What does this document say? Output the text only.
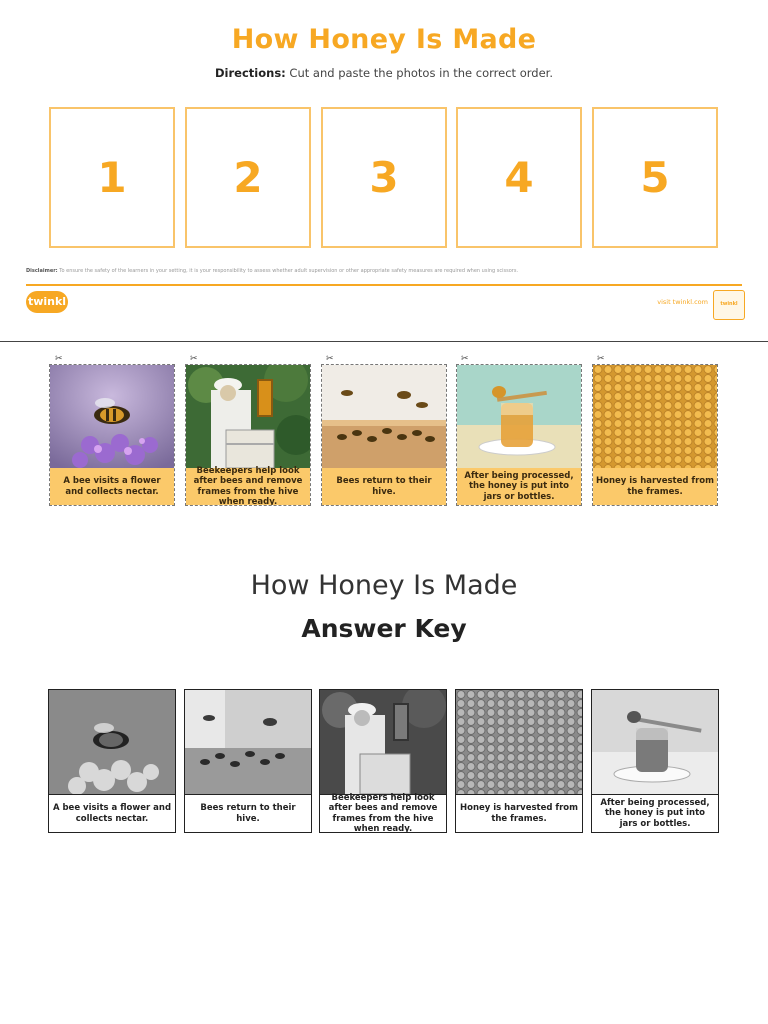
How Honey Is Made
Directions: Cut and paste the photos in the correct order.
1	2	3	4	5
Disclaimer: To ensure the safety of the learners in your setting, it is your responsibility to assess whether adult supervision or other appropriate safety measures are required when using scissors.
twinkl	visit twinkl.com	twinkl
✂	✂	✂	✂	✂
A bee visits a flower and collects nectar.
Beekeepers help look after bees and remove frames from the hive when ready.
Bees return to their hive.
After being processed, the honey is put into jars or bottles.
Honey is harvested from the frames.
How Honey Is Made
Answer Key
A bee visits a flower and collects nectar.
Bees return to their hive.
Beekeepers help look after bees and remove frames from the hive when ready.
Honey is harvested from the frames.
After being processed, the honey is put into jars or bottles.
